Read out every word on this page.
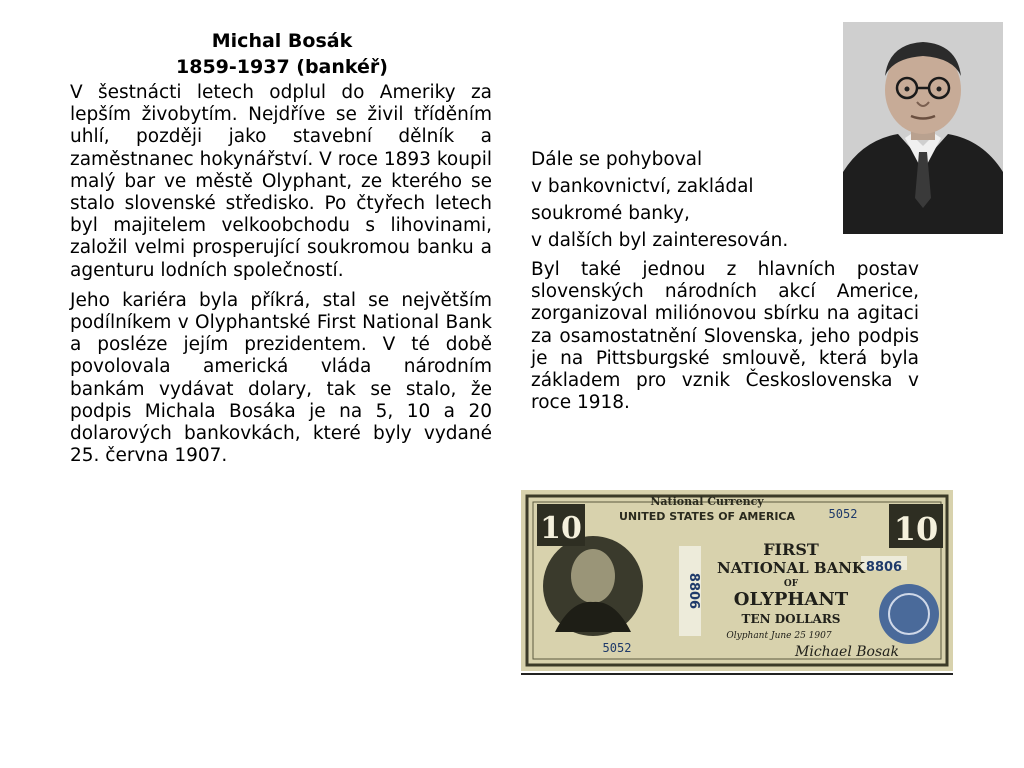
Michal Bosák
1859-1937 (bankéř)

V šestnácti letech odplul do Ameriky za lepším živobytím. Nejdříve se živil tříděním uhlí, později jako stavební dělník a zaměstnanec hokynářství. V roce 1893 koupil malý bar ve městě Olyphant, ze kterého se stalo slovenské středisko. Po čtyřech letech byl majitelem velkoobchodu s lihovinami, založil velmi prosperující soukromou banku a agenturu lodních společností.

Jeho kariéra byla příkrá, stal se největším podílníkem v Olyphantské First National Bank a posléze jejím prezidentem. V té době povolovala americká vláda národním bankám vydávat dolary, tak se stalo, že podpis Michala Bosáka je na 5, 10 a 20 dolarových bankovkách, které byly vydané 25. června 1907.

Dále se pohyboval
v bankovnictví, zakládal
soukromé banky,
v dalších byl zainteresován.

Byl také jednou z hlavních postav slovenských národních akcí Americe, zorganizoval miliónovou sbírku na agitaci za osamostatnění Slovenska, jeho podpis je na Pittsburgské smlouvě, která byla základem pro vznik Československa v roce 1918.

10	10
National Currency
UNITED STATES OF AMERICA	5052
FIRST
NATIONAL BANK
OF
OLYPHANT
TEN DOLLARS
8806
8806
Olyphant June 25 1907
5052	Michael Bosak
